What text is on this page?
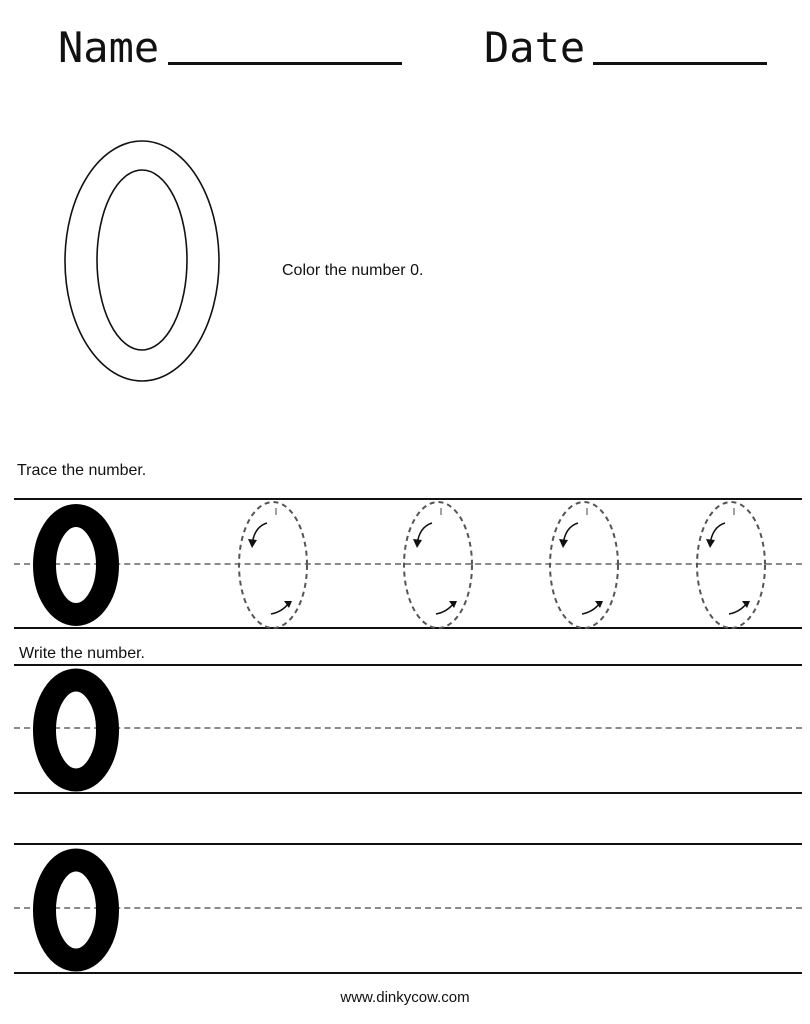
Name	Date
Color the number 0.
Trace the number.
Write the number.
www.dinkycow.com
